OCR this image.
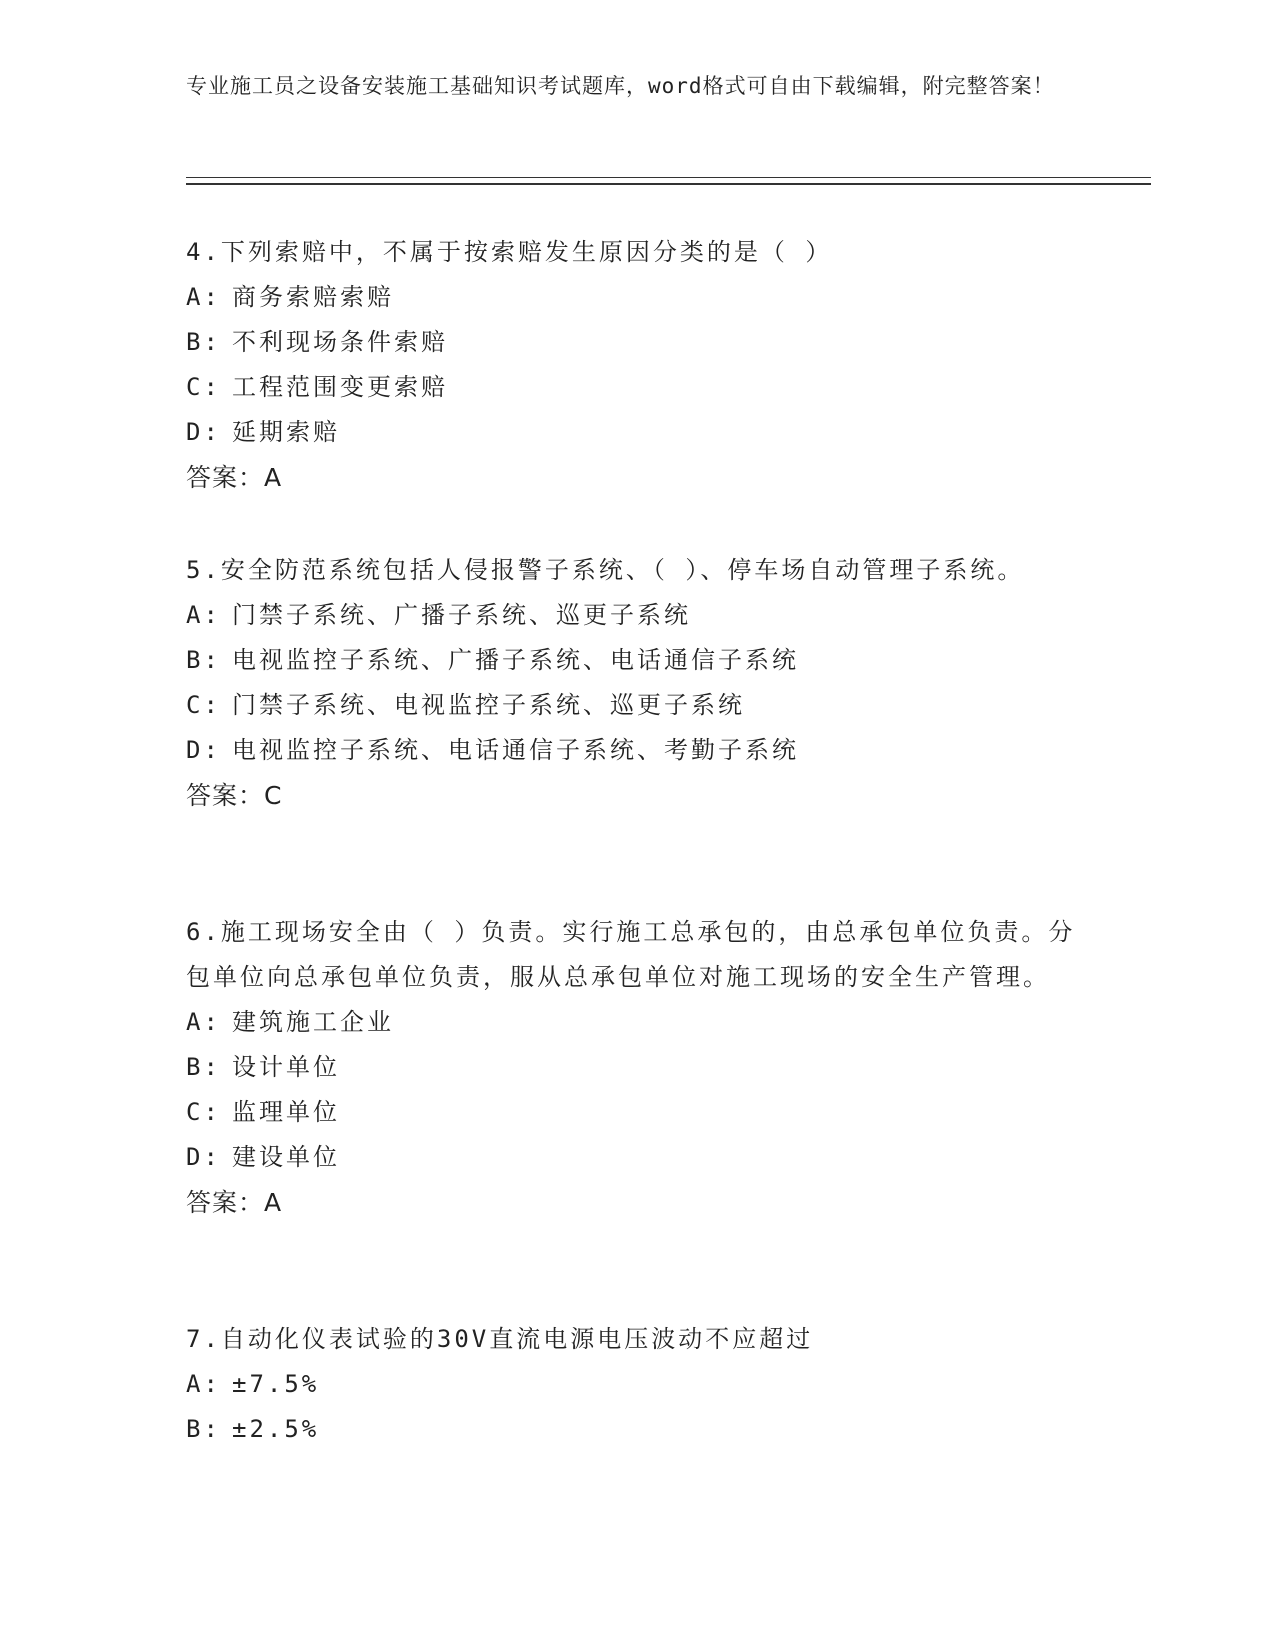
专业施工员之设备安装施工基础知识考试题库，word格式可自由下载编辑，附完整答案！

4.下列索赔中，不属于按索赔发生原因分类的是（ ）

A: 商务索赔索赔

B: 不利现场条件索赔

C: 工程范围变更索赔

D: 延期索赔

答案：A

5.安全防范系统包括人侵报警子系统、（ ）、停车场自动管理子系统。

A: 门禁子系统、广播子系统、巡更子系统

B: 电视监控子系统、广播子系统、电话通信子系统

C: 门禁子系统、电视监控子系统、巡更子系统

D: 电视监控子系统、电话通信子系统、考勤子系统

答案：C

6.施工现场安全由（ ）负责。实行施工总承包的，由总承包单位负责。分包单位向总承包单位负责，服从总承包单位对施工现场的安全生产管理。

A: 建筑施工企业

B: 设计单位

C: 监理单位

D: 建设单位

答案：A

7.自动化仪表试验的30V直流电源电压波动不应超过

A: ±7.5%

B: ±2.5%
